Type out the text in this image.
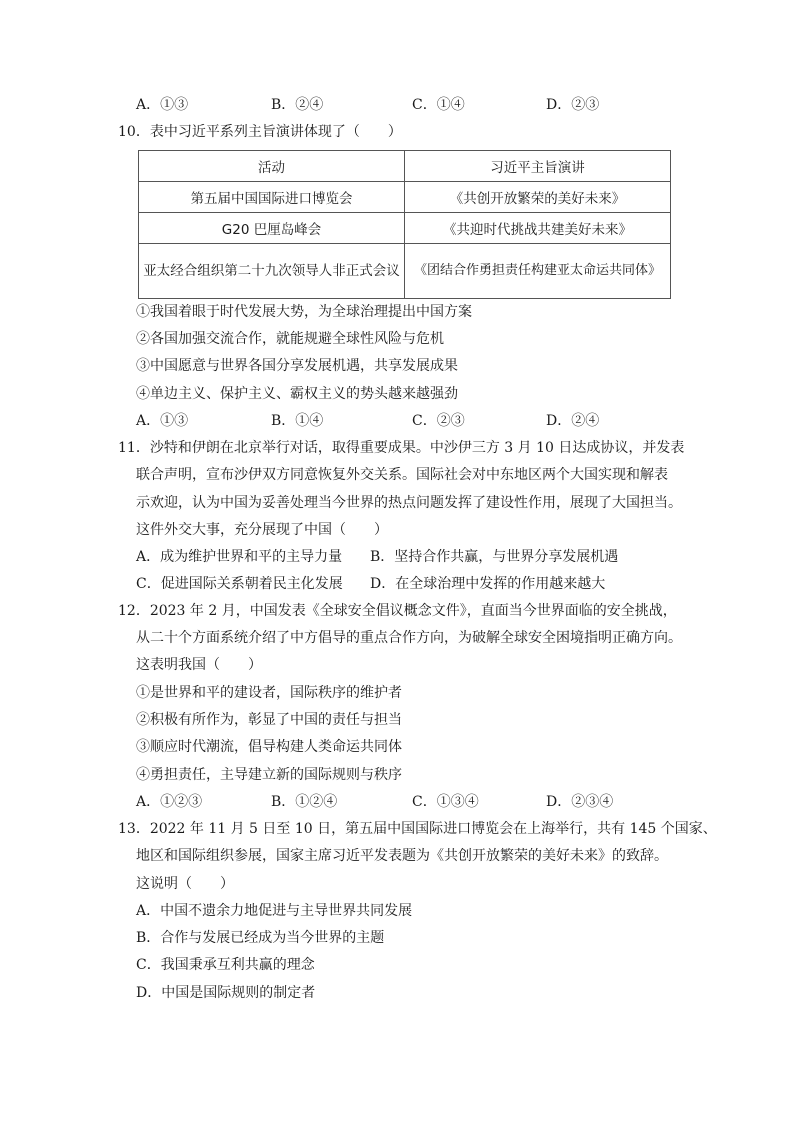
A．①③	B．②④	C．①④	D．②③
10．表中习近平系列主旨演讲体现了（　　）
活动	习近平主旨演讲
第五届中国国际进口博览会	《共创开放繁荣的美好未来》
G20 巴厘岛峰会	《共迎时代挑战共建美好未来》
亚太经合组织第二十九次领导人非正式会议	《团结合作勇担责任构建亚太命运共同体》
①我国着眼于时代发展大势，为全球治理提出中国方案
②各国加强交流合作，就能规避全球性风险与危机
③中国愿意与世界各国分享发展机遇，共享发展成果
④单边主义、保护主义、霸权主义的势头越来越强劲
A．①③	B．①④	C．②③	D．②④
11．沙特和伊朗在北京举行对话，取得重要成果。中沙伊三方 3 月 10 日达成协议，并发表
联合声明，宣布沙伊双方同意恢复外交关系。国际社会对中东地区两个大国实现和解表
示欢迎，认为中国为妥善处理当今世界的热点问题发挥了建设性作用，展现了大国担当。
这件外交大事，充分展现了中国（　　）
A．成为维护世界和平的主导力量 B．坚持合作共赢，与世界分享发展机遇
C．促进国际关系朝着民主化发展 D．在全球治理中发挥的作用越来越大
12．2023 年 2 月，中国发表《全球安全倡议概念文件》，直面当今世界面临的安全挑战，
从二十个方面系统介绍了中方倡导的重点合作方向，为破解全球安全困境指明正确方向。
这表明我国（　　）
①是世界和平的建设者，国际秩序的维护者
②积极有所作为，彰显了中国的责任与担当
③顺应时代潮流，倡导构建人类命运共同体
④勇担责任，主导建立新的国际规则与秩序
A．①②③	B．①②④	C．①③④	D．②③④
13．2022 年 11 月 5 日至 10 日，第五届中国国际进口博览会在上海举行，共有 145 个国家、
地区和国际组织参展，国家主席习近平发表题为《共创开放繁荣的美好未来》的致辞。
这说明（　　）
A．中国不遗余力地促进与主导世界共同发展
B．合作与发展已经成为当今世界的主题
C．我国秉承互利共赢的理念
D．中国是国际规则的制定者
